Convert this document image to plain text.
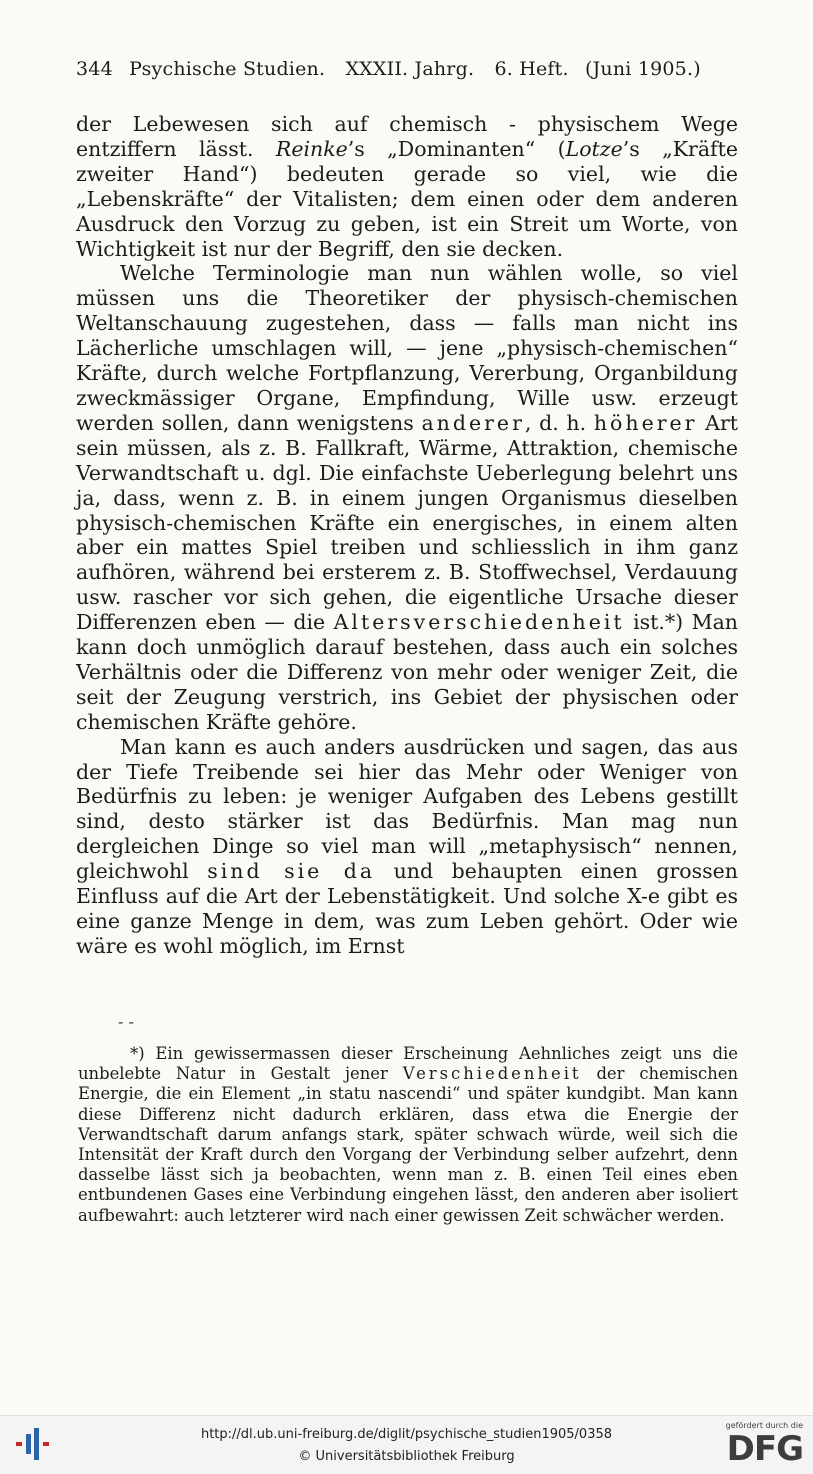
344 Psychische Studien. XXXII. Jahrg. 6. Heft. (Juni 1905.)

der Lebewesen sich auf chemisch - physischem Wege entziffern lässt. Reinke’s „Dominanten“ (Lotze’s „Kräfte zweiter Hand“) bedeuten gerade so viel, wie die „Lebenskräfte“ der Vitalisten; dem einen oder dem anderen Ausdruck den Vorzug zu geben, ist ein Streit um Worte, von Wichtigkeit ist nur der Begriff, den sie decken.

Welche Terminologie man nun wählen wolle, so viel müssen uns die Theoretiker der physisch-chemischen Weltanschauung zugestehen, dass — falls man nicht ins Lächerliche umschlagen will, — jene „physisch-chemischen“ Kräfte, durch welche Fortpflanzung, Vererbung, Organbildung zweckmässiger Organe, Empfindung, Wille usw. erzeugt werden sollen, dann wenigstens anderer, d. h. höherer Art sein müssen, als z. B. Fallkraft, Wärme, Attraktion, chemische Verwandtschaft u. dgl. Die einfachste Ueberlegung belehrt uns ja, dass, wenn z. B. in einem jungen Organismus dieselben physisch-chemischen Kräfte ein energisches, in einem alten aber ein mattes Spiel treiben und schliesslich in ihm ganz aufhören, während bei ersterem z. B. Stoffwechsel, Verdauung usw. rascher vor sich gehen, die eigentliche Ursache dieser Differenzen eben — die Altersverschiedenheit ist.*) Man kann doch unmöglich darauf bestehen, dass auch ein solches Verhältnis oder die Differenz von mehr oder weniger Zeit, die seit der Zeugung verstrich, ins Gebiet der physischen oder chemischen Kräfte gehöre.

Man kann es auch anders ausdrücken und sagen, das aus der Tiefe Treibende sei hier das Mehr oder Weniger von Bedürfnis zu leben: je weniger Aufgaben des Lebens gestillt sind, desto stärker ist das Bedürfnis. Man mag nun dergleichen Dinge so viel man will „metaphysisch“ nennen, gleichwohl sind sie da und behaupten einen grossen Einfluss auf die Art der Lebenstätigkeit. Und solche X-e gibt es eine ganze Menge in dem, was zum Leben gehört. Oder wie wäre es wohl möglich, im Ernst

- -

*) Ein gewissermassen dieser Erscheinung Aehnliches zeigt uns die unbelebte Natur in Gestalt jener Verschiedenheit der chemischen Energie, die ein Element „in statu nascendi“ und später kundgibt. Man kann diese Differenz nicht dadurch erklären, dass etwa die Energie der Verwandtschaft darum anfangs stark, später schwach würde, weil sich die Intensität der Kraft durch den Vorgang der Verbindung selber aufzehrt, denn dasselbe lässt sich ja beobachten, wenn man z. B. einen Teil eines eben entbundenen Gases eine Verbindung eingehen lässt, den anderen aber isoliert aufbewahrt: auch letzterer wird nach einer gewissen Zeit schwächer werden.

http://dl.ub.uni-freiburg.de/diglit/psychische_studien1905/0358
© Universitätsbibliothek Freiburg
gefördert durch die
DFG
